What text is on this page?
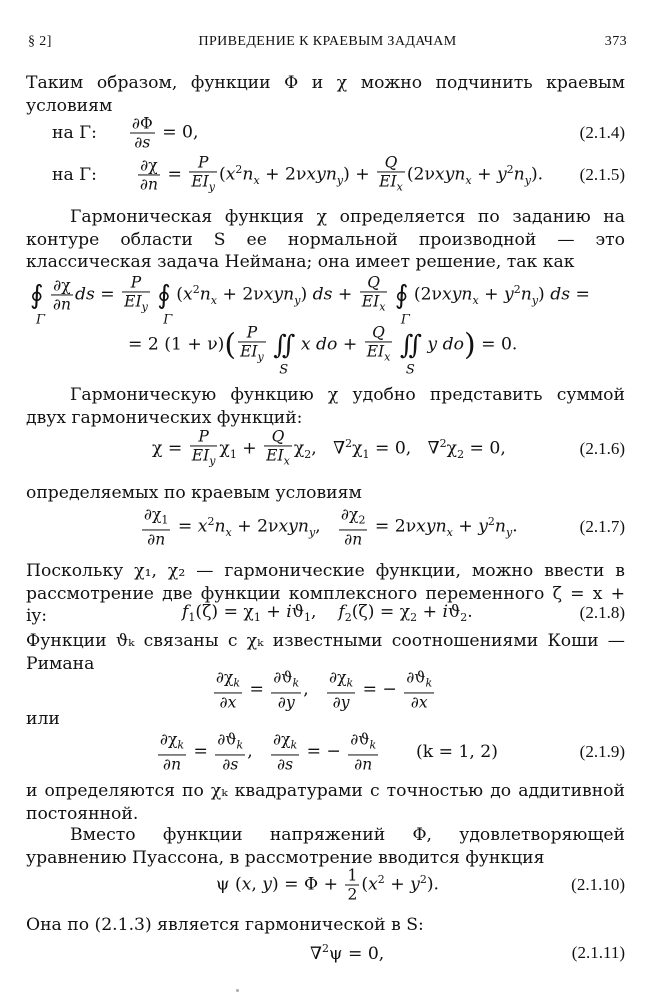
§ 2]	ПРИВЕДЕНИЕ К КРАЕВЫМ ЗАДАЧАМ	373
Таким образом, функции Φ и χ можно подчинить краевым условиям
на Γ: $\frac{\partial\Phi}{\partial s} = 0$,	(2.1.4)
на Γ:	$\frac{\partial\chi}{\partial n} = \frac{P}{EI_y} (x^2n_x + 2\nu xyn_y) + \frac{Q}{EI_x} (2\nu xyn_x + y^2n_y)$. (2.1.5)
Гармоническая функция χ определяется по заданию на контуре области S ее нормальной производной — это классическая задача Неймана; она имеет решение, так как
∮
Γ

$\frac{\partial\chi}{\partial n}$ ds = $\frac{P}{EI_y}$ ∮
Γ
$(x^2n_x + 2\nu xyn_y)$ ds + $\frac{Q}{EI_x}$ ∮
Γ
$(2\nu xyn_x + y^2n_y)$ ds =
= 2 $(1 + \nu)( \frac{P}{EI_y}$ ∬
S
x do + $\frac{Q}{EI_x}$ ∬
S
y do) = 0.
Гармоническую функцию χ удобно представить суммой двух гармонических функций:
$\chi = \frac{P}{EI_y} \chi_1 + \frac{Q}{EI_x} \chi_2$,   $\nabla^2\chi_1 = 0$,   $\nabla^2\chi_2 = 0$,	(2.1.6)
определяемых по краевым условиям
$\frac{\partial\chi_1}{\partial n} = x^2n_x + 2\nu xyn_y$, $\frac{\partial\chi_2}{\partial n} = 2\nu xyn_x + y^2n_y$.	(2.1.7)
Поскольку χ₁, χ₂ — гармонические функции, можно ввести в рассмотрение две функции комплексного переменного ζ = x + iy:	$f_1(\zeta) = \chi_1 + iϑ_1$,    $f_2(\zeta) = \chi_2 + iϑ_2$.	(2.1.8)
Функции ϑₖ связаны с χₖ известными соотношениями Коши — Римана
$\frac{\partial\chi_k}{\partial x} = \frac{\partial ϑ_k}{\partial y}$ , $\frac{\partial\chi_k}{\partial y}$ = − $\frac{\partial ϑ_k}{\partial x}$
или
$\frac{\partial\chi_k}{\partial n} = \frac{\partial ϑ_k}{\partial s}$ , $\frac{\partial\chi_k}{\partial s}$ = − $\frac{\partial ϑ_k}{\partial n} (k = 1$, 2)	(2.1.9)
и определяются по χₖ квадратурами с точностью до аддитивной постоянной.
Вместо функции напряжений Φ, удовлетворяющей уравнению Пуассона, в рассмотрение вводится функция
ψ (x, $y) = \Phi + \frac{1}{2} (x^2 + y^2)$.	(2.1.10)
Она по (2.1.3) является гармонической в S:
∇$^2$ψ = 0,	(2.1.11)
